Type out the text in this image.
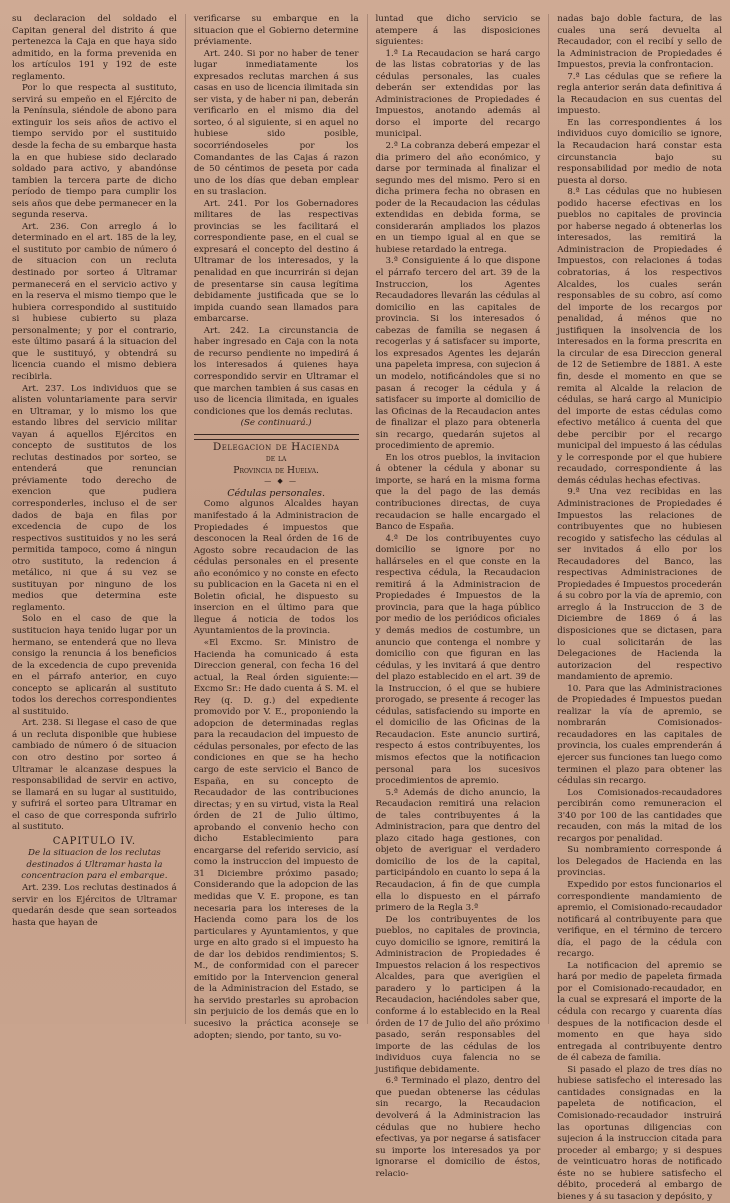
su declaracion del soldado el Capitan general del distrito á que pertenezca la Caja en que haya sido admitido, en la forma prevenida en los artículos 191 y 192 de este reglamento.

Por lo que respecta al sustituto, servirá su empeño en el Ejército de la Península, siéndole de abono para extinguir los seis años de activo el tiempo servido por el sustituido desde la fecha de su embarque hasta la en que hubiese sido declarado soldado para activo, y abandónse tambien la tercera parte de dicho período de tiempo para cumplir los seis años que debe permanecer en la segunda reserva.

Art. 236. Con arreglo á lo determinado en el art. 185 de la ley, el sustituto por cambio de número ó de situacion con un recluta destinado por sorteo á Ultramar permanecerá en el servicio activo y en la reserva el mismo tiempo que le hubiera correspondido al sustituido si hubiese cubierto su plaza personalmente; y por el contrario, este último pasará á la situacion del que le sustituyó, y obtendrá su licencia cuando el mismo debiera recibirla.

Art. 237. Los individuos que se alisten voluntariamente para servir en Ultramar, y lo mismo los que estando libres del servicio militar vayan á aquellos Ejércitos en concepto de sustitutos de los reclutas destinados por sorteo, se entenderá que renuncian préviamente todo derecho de exencion que pudiera corresponderles, incluso el de ser dados de baja en filas por excedencia de cupo de los respectivos sustituidos y no les será permitida tampoco, como á ningun otro sustituto, la redencion á metálico, ni que á su vez se sustituyan por ninguno de los medios que determina este reglamento.

Solo en el caso de que la sustitucion haya tenido lugar por un hermano, se entenderá que no lleva consigo la renuncia á los beneficios de la excedencia de cupo prevenida en el párrafo anterior, en cuyo concepto se aplicarán al sustituto todos los derechos correspondientes al sustituido.

Art. 238. Si llegase el caso de que á un recluta disponible que hubiese cambiado de número ó de situacion con otro destino por sorteo á Ultramar le alcanzase despues la responsabilidad de servir en activo, se llamará en su lugar al sustituido, y sufrirá el sorteo para Ultramar en el caso de que corresponda sufrirlo al sustituto.

CAPITULO IV.

De la situacion de los reclutas destinados á Ultramar hasta la concentracion para el embarque.

Art. 239. Los reclutas destinados á servir en los Ejércitos de Ultramar quedarán desde que sean sorteados hasta que hayan de

verificarse su embarque en la situacion que el Gobierno determine préviamente.

Art. 240. Si por no haber de tener lugar inmediatamente los expresados reclutas marchen á sus casas en uso de licencia ilimitada sin ser vista, y de haber ni pan, deberán verificarlo en el mismo dia del sorteo, ó al siguiente, si en aquel no hubiese sido posible, socorriéndoseles por los Comandantes de las Cajas á razon de 50 céntimos de peseta por cada uno de los días que deban emplear en su traslacion.

Art. 241. Por los Gobernadores militares de las respectivas provincias se les facilitará el correspondiente pase, en el cual se expresará el concepto del destino á Ultramar de los interesados, y la penalidad en que incurrirán si dejan de presentarse sin causa legítima debidamente justificada que se lo impida cuando sean llamados para embarcarse.

Art. 242. La circunstancia de haber ingresado en Caja con la nota de recurso pendiente no impedirá á los interesados á quienes haya correspondido servir en Ultramar el que marchen tambien á sus casas en uso de licencia ilimitada, en iguales condiciones que los demás reclutas.

(Se continuará.)

Delegacion de Hacienda

de la

Provincia de Huelva.

— ◆ —

Cédulas personales.

Como algunos Alcaldes hayan manifestado á la Administracion de Propiedades é impuestos que desconocen la Real órden de 16 de Agosto sobre recaudacion de las cédulas personales en el presente año económico y no conste en efecto su publicacion en la Gaceta ni en el Boletin oficial, he dispuesto su insercion en el último para que llegue á noticia de todos los Ayuntamientos de la provincia.

«El Excmo. Sr. Ministro de Hacienda ha comunicado á esta Direccion general, con fecha 16 del actual, la Real órden siguiente:—Excmo Sr.: He dado cuenta á S. M. el Rey (q. D. g.) del expediente promovido por V. E., proponiendo la adopcion de determinadas reglas para la recaudacion del impuesto de cédulas personales, por efecto de las condiciones en que se ha hecho cargo de este servicio el Banco de España, en su concepto de Recaudador de las contribuciones directas; y en su virtud, vista la Real órden de 21 de Julio último, aprobando el convenio hecho con dicho Establecimiento para encargarse del referido servicio, así como la instruccion del impuesto de 31 Diciembre próximo pasado; Considerando que la adopcion de las medidas que V. E. propone, es tan necesaria para los intereses de la Hacienda como para los de los particulares y Ayuntamientos, y que urge en alto grado si el impuesto ha de dar los debidos rendimientos; S. M., de conformidad con el parecer emitido por la Intervencion general de la Administracion del Estado, se ha servido prestarles su aprobacion sin perjuicio de los demás que en lo sucesivo la práctica aconseje se adopten; siendo, por tanto, su vo-

luntad que dicho servicio se atempere á las disposiciones siguientes:

1.ª La Recaudacion se hará cargo de las listas cobratorias y de las cédulas personales, las cuales deberán ser extendidas por las Administraciones de Propiedades é Impuestos, anotando además al dorso el importe del recargo municipal.

2.ª La cobranza deberá empezar el dia primero del año económico, y darse por terminada al finalizar el segundo mes del mismo. Pero si en dicha primera fecha no obrasen en poder de la Recaudacion las cédulas extendidas en debida forma, se considerarán ampliados los plazos en un tiempo igual al en que se hubiese retardado la entrega.

3.ª Consiguiente á lo que dispone el párrafo tercero del art. 39 de la Instruccion, los Agentes Recaudadores llevarán las cédulas al domicilio en las capitales de provincia. Si los interesados ó cabezas de familia se negasen á recogerlas y á satisfacer su importe, los expresados Agentes les dejarán una papeleta impresa, con sujecion á un modelo, notificándoles que si no pasan á recoger la cédula y á satisfacer su importe al domicilio de las Oficinas de la Recaudacion antes de finalizar el plazo para obtenerla sin recargo, quedarán sujetos al procedimiento de apremio.

En los otros pueblos, la invitacion á obtener la cédula y abonar su importe, se hará en la misma forma que la del pago de las demás contribuciones directas, de cuya recaudacion se halle encargado el Banco de España.

4.ª De los contribuyentes cuyo domicilio se ignore por no hallárseles en el que conste en la respectiva cédula, la Recaudacion remitirá á la Administracion de Propiedades é Impuestos de la provincia, para que la haga público por medio de los periódicos oficiales y demás medios de costumbre, un anuncio que contenga el nombre y domicilio con que figuran en las cédulas, y les invitará á que dentro del plazo establecido en el art. 39 de la Instruccion, ó el que se hubiere prorogado, se presente á recoger las cédulas, satisfaciendo su importe en el domicilio de las Oficinas de la Recaudacion. Este anuncio surtirá, respecto á estos contribuyentes, los mismos efectos que la notificacion personal para los sucesivos procedimientos de apremio.

5.ª Además de dicho anuncio, la Recaudacion remitirá una relacion de tales contribuyentes á la Administracion, para que dentro del plazo citado haga gestiones, con objeto de averiguar el verdadero domicilio de los de la capital, participándolo en cuanto lo sepa á la Recaudacion, á fin de que cumpla ella lo dispuesto en el párrafo primero de la Regla 3.ª

De los contribuyentes de los pueblos, no capitales de provincia, cuyo domicilio se ignore, remitirá la Administracion de Propiedades é Impuestos relacion á los respectivos Alcaldes, para que averigüen el paradero y lo participen á la Recaudacion, haciéndoles saber que, conforme á lo establecido en la Real órden de 17 de Julio del año próximo pasado, serán responsables del importe de las cédulas de los individuos cuya falencia no se justifique debidamente.

6.ª Terminado el plazo, dentro del que puedan obtenerse las cédulas sin recargo, la Recaudacion devolverá á la Administracion las cédulas que no hubiere hecho efectivas, ya por negarse á satisfacer su importe los interesados ya por ignorarse el domicilio de éstos, relacio-

nadas bajo doble factura, de las cuales una será devuelta al Recaudador, con el recibí y sello de la Administracion de Propiedades é Impuestos, previa la confrontacion.

7.ª Las cédulas que se refiere la regla anterior serán data definitiva á la Recaudacion en sus cuentas del impuesto.

En las correspondientes á los individuos cuyo domicilio se ignore, la Recaudacion hará constar esta circunstancia bajo su responsabilidad por medio de nota puesta al dorso.

8.ª Las cédulas que no hubiesen podido hacerse efectivas en los pueblos no capitales de provincia por haberse negado á obtenerlas los interesados, las remitirá la Administracion de Propiedades é Impuestos, con relaciones á todas cobratorias, á los respectivos Alcaldes, los cuales serán responsables de su cobro, así como del importe de los recargos por penalidad, á ménos que no justifiquen la insolvencia de los interesados en la forma prescrita en la circular de esa Direccion general de 12 de Setiembre de 1881. A este fin, desde el momento en que se remita al Alcalde la relacion de cédulas, se hará cargo al Municipio del importe de estas cédulas como efectivo metálico á cuenta del que debe percibir por el recargo municipal del impuesto á las cédulas y le corresponde por el que hubiere recaudado, correspondiente á las demás cédulas hechas efectivas.

9.ª Una vez recibidas en las Administraciones de Propiedades é Impuestos las relaciones de contribuyentes que no hubiesen recogido y satisfecho las cédulas al ser invitados á ello por los Recaudadores del Banco, las respectivas Administraciones de Propiedades é Impuestos procederán á su cobro por la vía de apremio, con arreglo á la Instruccion de 3 de Diciembre de 1869 ó á las disposiciones que se dictasen, para lo cual solicitarán de las Delegaciones de Hacienda la autorizacion del respectivo mandamiento de apremio.

10. Para que las Administraciones de Propiedades é Impuestos puedan realizar la vía de apremio, se nombrarán Comisionados-recaudadores en las capitales de provincia, los cuales emprenderán á ejercer sus funciones tan luego como terminen el plazo para obtener las cédulas sin recargo.

Los Comisionados-recaudadores percibirán como remuneracion el 3'40 por 100 de las cantidades que recauden, con más la mitad de los recargos por penalidad.

Su nombramiento corresponde á los Delegados de Hacienda en las provincias.

Expedido por estos funcionarios el correspondiente mandamiento de apremio, el Comisionado-recaudador notificará al contribuyente para que verifique, en el término de tercero día, el pago de la cédula con recargo.

La notificacion del apremio se hará por medio de papeleta firmada por el Comisionado-recaudador, en la cual se expresará el importe de la cédula con recargo y cuarenta días despues de la notificacion desde el momento en que haya sido entregada al contribuyente dentro de él cabeza de familia.

Si pasado el plazo de tres días no hubiese satisfecho el interesado las cantidades consignadas en la papeleta de notificacion, el Comisionado-recaudador instruirá las oportunas diligencias con sujecion á la instruccion citada para proceder al embargo; y si despues de veinticuatro horas de notificado éste no se hubiere satisfecho el débito, procederá al embargo de bienes y á su tasacion y depósito, y
